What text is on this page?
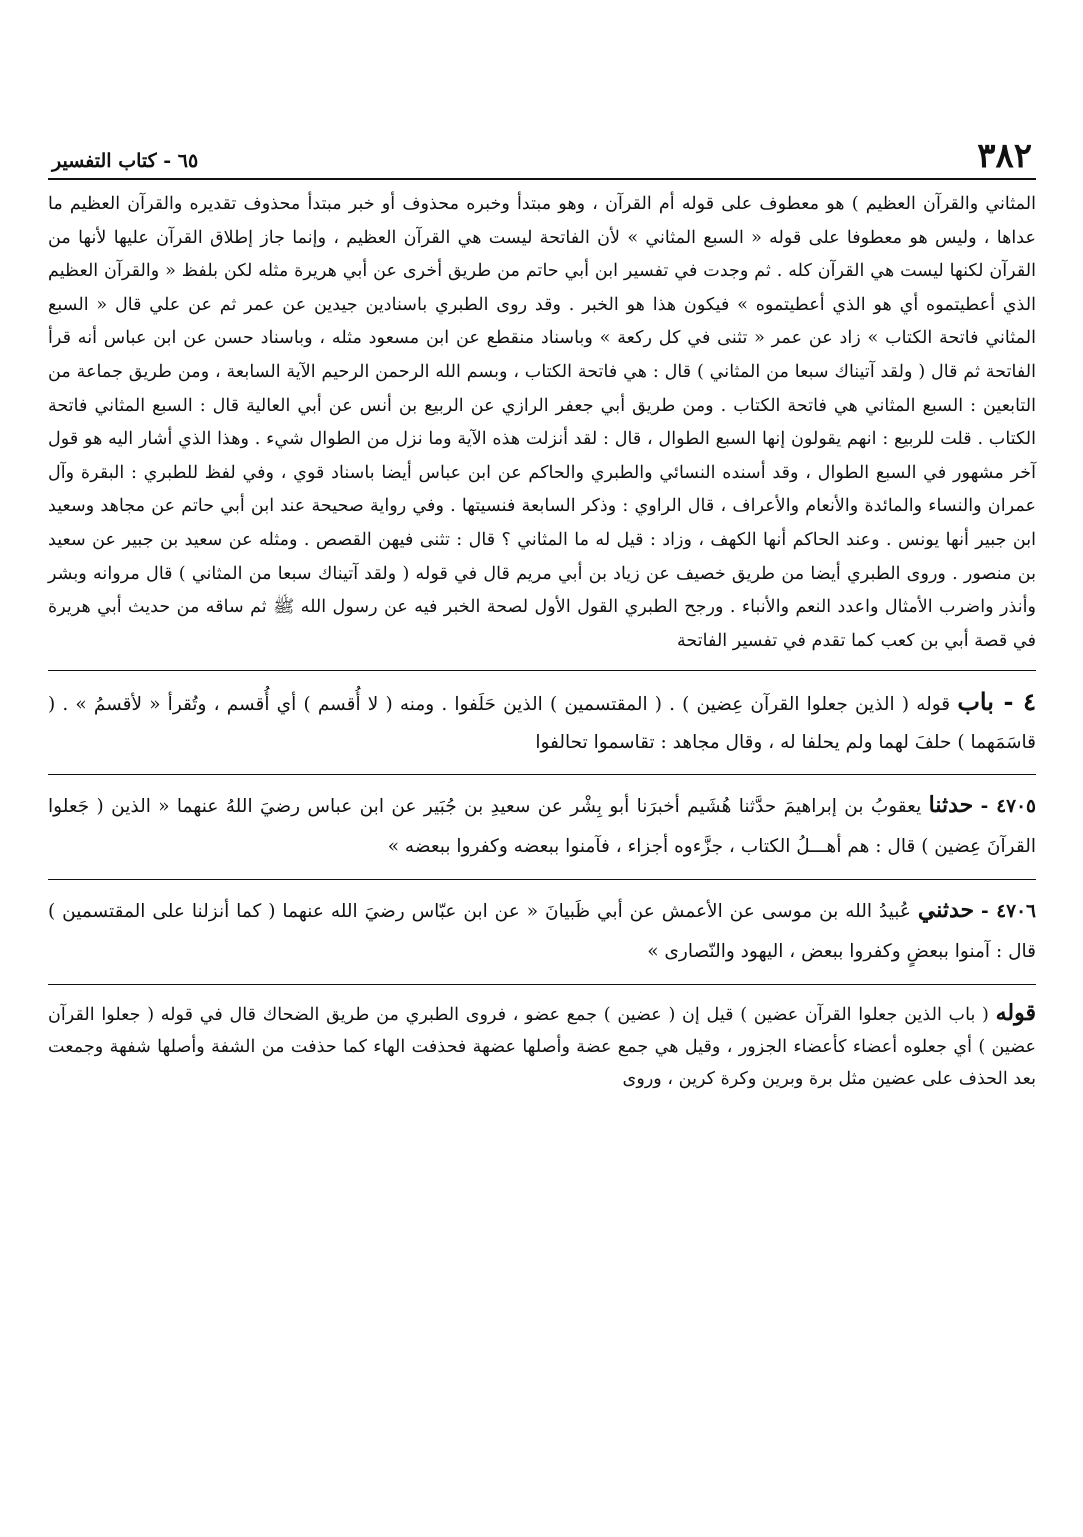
٣٨٢
٦٥ - كتاب التفسير

المثاني والقرآن العظيم ) هو معطوف على قوله أم القرآن ، وهو مبتدأ وخبره محذوف أو خبر مبتدأ محذوف تقديره والقرآن العظيم ما عداها ، وليس هو معطوفا على قوله « السبع المثاني » لأن الفاتحة ليست هي القرآن العظيم ، وإنما جاز إطلاق القرآن عليها لأنها من القرآن لكنها ليست هي القرآن كله . ثم وجدت في تفسير ابن أبي حاتم من طريق أخرى عن أبي هريرة مثله لكن بلفظ « والقرآن العظيم الذي أعطيتموه أي هو الذي أعطيتموه » فيكون هذا هو الخبر . وقد روى الطبري باسنادين جيدين عن عمر ثم عن علي قال « السبع المثاني فاتحة الكتاب » زاد عن عمر « تثنى في كل ركعة » وباسناد منقطع عن ابن مسعود مثله ، وباسناد حسن عن ابن عباس أنه قرأ الفاتحة ثم قال ( ولقد آتيناك سبعا من المثاني ) قال : هي فاتحة الكتاب ، وبسم الله الرحمن الرحيم الآية السابعة ، ومن طريق جماعة من التابعين : السبع المثاني هي فاتحة الكتاب . ومن طريق أبي جعفر الرازي عن الربيع بن أنس عن أبي العالية قال : السبع المثاني فاتحة الكتاب . قلت للربيع : انهم يقولون إنها السبع الطوال ، قال : لقد أنزلت هذه الآية وما نزل من الطوال شيء . وهذا الذي أشار اليه هو قول آخر مشهور في السبع الطوال ، وقد أسنده النسائي والطبري والحاكم عن ابن عباس أيضا باسناد قوي ، وفي لفظ للطبري : البقرة وآل عمران والنساء والمائدة والأنعام والأعراف ، قال الراوي : وذكر السابعة فنسيتها . وفي رواية صحيحة عند ابن أبي حاتم عن مجاهد وسعيد ابن جبير أنها يونس . وعند الحاكم أنها الكهف ، وزاد : قيل له ما المثاني ؟ قال : تثنى فيهن القصص . ومثله عن سعيد بن جبير عن سعيد بن منصور . وروى الطبري أيضا من طريق خصيف عن زياد بن أبي مريم قال في قوله ( ولقد آتيناك سبعا من المثاني ) قال مروانه وبشر وأنذر واضرب الأمثال واعدد النعم والأنباء . ورجح الطبري القول الأول لصحة الخبر فيه عن رسول الله ﷺ ثم ساقه من حديث أبي هريرة في قصة أبي بن كعب كما تقدم في تفسير الفاتحة

٤ - باب قوله ( الذين جعلوا القرآن عِضين ) . ( المقتسمين ) الذين حَلَفوا . ومنه ( لا أُقسم ) أي أُقسم ، وتُقرأ « لأقسمُ » . ( قاسَمَهما ) حلفَ لهما ولم يحلفا له ، وقال مجاهد : تقاسموا تحالفوا

٤٧٠٥ - حدثنا يعقوبُ بن إبراهيمَ حدَّثنا هُشَيم أخبرَنا أبو بِشْر عن سعيدِ بن جُبَير عن ابن عباس رضيَ اللهُ عنهما « الذين ( جَعلوا القرآنَ عِضين ) قال : هم أهـــلُ الكتاب ، جزَّءوه أجزاء ، فآمنوا ببعضه وكفروا ببعضه »

٤٧٠٦ - حدثني عُبيدُ الله بن موسى عن الأعمش عن أبي ظَبيانَ « عن ابن عبّاس رضيَ الله عنهما ( كما أنزلنا على المقتسمين ) قال : آمنوا ببعضٍ وكفروا ببعض ، اليهود والنّصارى »

قوله ( باب الذين جعلوا القرآن عضين ) قيل إن ( عضين ) جمع عضو ، فروى الطبري من طريق الضحاك قال في قوله ( جعلوا القرآن عضين ) أي جعلوه أعضاء كأعضاء الجزور ، وقيل هي جمع عضة وأصلها عضهة فحذفت الهاء كما حذفت من الشفة وأصلها شفهة وجمعت بعد الحذف على عضين مثل برة وبرين وكرة كرين ، وروى
